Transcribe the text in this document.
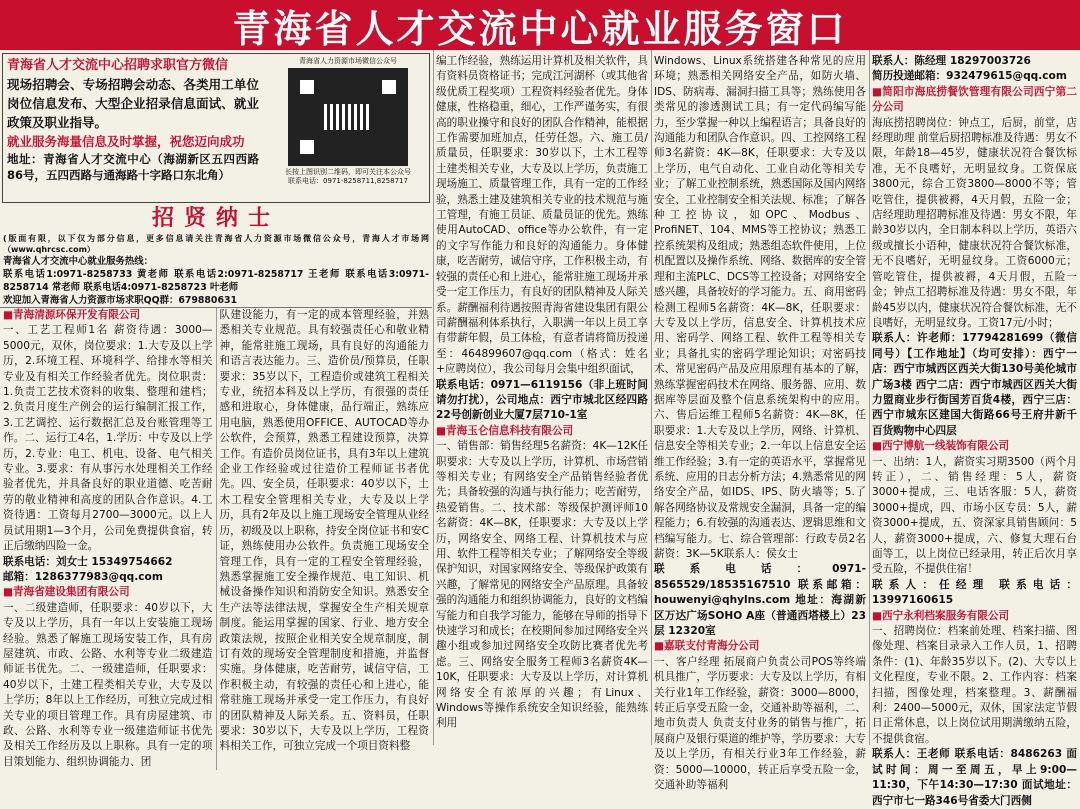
青海省人才交流中心就业服务窗口
青海省人才交流中心招聘求职官方微信
现场招聘会、专场招聘会动态、各类用工单位岗位信息发布、大型企业招录信息面试、就业政策及职业指导。
就业服务海量信息及时掌握，祝您迈向成功
地址：青海省人才交流中心（海湖新区五四西路86号，五四西路与通海路十字路口东北角）
青海省人力资源市场微信公众号
长按上图识别二维码，即可关注本公众号
联系电话：0971-8258711,8258717
招贤纳士
(版面有限，以下仅为部分信息，更多信息请关注青海省人力资源市场微信公众号，青海人才市场网（www.qhrcsc.com）
青海省人才交流中心就业服务热线：
联系电话1:0971-8258733 黄老师 联系电话2:0971-8258717 王老师 联系电话3:0971-8258714 常老师 联系电话4:0971-8258723 叶老师
欢迎加入青海省人力资源市场求职QQ群：679880631

■ 青海清源环保开发有限公司

一、工艺工程师1名 薪资待遇：3000—5000元，双休，岗位要求：1.大专及以上学历，2.环境工程、环境科学、给排水等相关专业及有相关工作经验者优先。岗位职责：1.负责工艺技术资料的收集、整理和建档；2.负责月度生产例会的运行编制汇报工作，3.工艺调控、运行数据汇总及台账管理等工作。二、运行工4名，1.学历：中专及以上学历，2.专业：电工、机电、设备、电气相关专业。3.要求：有从事污水处理相关工作经验者优先，并具备良好的职业道德、吃苦耐劳的敬业精神和高度的团队合作意识。4.工资待遇：工资每月2700—3000元。以上人员试用期1—3个月，公司免费提供食宿，转正后缴纳四险一金。

联系电话：刘女士 15349754662

邮箱：1286377983@qq.com

■ 青海省建设集团有限公司

一、二级建造师，任职要求：40岁以下，大专及以上学历，具有一年以上安装施工现场经验。熟悉了解施工现场安装工作，具有房屋建筑、市政、公路、水利等专业二级建造师证书优先。二、一级建造师，任职要求：40岁以下，土建工程类相关专业，大专及以上学历；8年以上工作经历，可独立完成过相关专业的项目管理工作。具有房屋建筑、市政、公路、水利等专业一级建造师证书优先及相关工作经历及以上职称。具有一定的项目策划能力、组织协调能力、团

队建设能力，有一定的成本管理经验，并熟悉相关专业规范。具有较强责任心和敬业精神，能常驻施工现场，具有良好的沟通能力和语言表达能力。三、造价员/预算员，任职要求：35岁以下，工程造价或建筑工程相关专业，统招本科及以上学历，有很强的责任感和进取心，身体健康，品行端正，熟练应用电脑，熟悉使用OFFICE、AUTOCAD等办公软件，会预算，熟悉工程建设预算，决算工作。有造价员岗位证书，具有3年以上建筑企业工作经验或过往造价工程师证书者优先。四、安全员，任职要求：40岁以下，土木工程安全管理相关专业，大专及以上学历，具有2年及以上施工现场安全管理从业经历，初级及以上职称，持安全岗位证书和安C证，熟练使用办公软件。负责施工现场安全管理工作，具有一定的工程安全管理经验，熟悉掌握施工安全操作规范、电工知识、机械设备操作知识和消防安全知识。熟悉安全生产法等法律法规，掌握安全生产相关规章制度。能运用掌握的国家、行业、地方安全政策法规，按照企业相关安全规章制度，制订有效的现场安全管理制度和措施，并监督实施。身体健康，吃苦耐劳，诚信守信，工作积极主动，有较强的责任心和上进心，能常驻施工现场并承受一定工作压力，有良好的团队精神及人际关系。五、资料员，任职要求：30岁以下，大专及以上学历，工程资料相关工作，可独立完成一个项目资料整

编工作经验，熟练运用计算机及相关软件，具有资料员资格证书；完成江河湖杯（或其他省级优质工程奖项）工程资料经验者优先。身体健康，性格稳重，细心，工作严谨务实，有很高的职业操守和良好的团队合作精神，能根据工作需要加班加点，任劳任怨。六、施工员/质量员，任职要求：30岁以下，土木工程等土建类相关专业，大专及以上学历，负责施工现场施工、质量管理工作，具有一定的工作经验，熟悉土建及建筑相关专业的技术规范与施工管理，有施工员证、质量员证的优先。熟练使用AutoCAD、office等办公软件，有一定的文字写作能力和良好的沟通能力。身体健康，吃苦耐劳，诚信守序，工作积极主动，有较强的责任心和上进心，能常驻施工现场并承受一定工作压力，有良好的团队精神及人际关系。薪酬福利待遇按照青海省建设集团有限公司薪酬福利体系执行，入职满一年以上员工享有带薪年假，员工体检，有意者请将简历投递至：464899607@qq.com（格式：姓名+应聘岗位），我公司每月会集中组织面试，

联系电话：0971—6119156（非上班时间请勿打扰），公司地点：西宁市城北区经四路22号创新创业大厦7层710-1室

■ 青海玉仑信息科技有限公司

一、销售部：销售经理5名薪资：4K—12K任职要求：大专及以上学历，计算机、市场营销等相关专业；有网络安全产品销售经验者优先；具备较强的沟通与执行能力；吃苦耐劳，热爱销售。二、技术部：等级保护测评师10名薪资：4K—8K，任职要求：大专及以上学历，网络安全、网络工程、计算机技术与应用、软件工程等相关专业；了解网络安全等级保护知识，对国家网络安全、等级保护政策有兴趣，了解常见的网络安全产品原理。具备较强的沟通能力和组织协调能力，良好的文档编写能力和自我学习能力，能够在导师的指导下快速学习和成长；在校期间参加过网络安全兴趣小组或参加过网络安全攻防比赛者优先考虑。三、网络安全服务工程师3名薪资4K—10K，任职要求：大专及以上学历，对计算机网络安全有浓厚的兴趣；有Linux、Windows等操作系统安全知识经验，能熟练利用

Windows、Linux系统搭建各种常见的应用环境；熟悉相关网络安全产品，如防火墙、IDS、防病毒、漏洞扫描工具等；熟练使用各类常见的渗透测试工具；有一定代码编写能力，至少掌握一种以上编程语言；具备良好的沟通能力和团队合作意识。四、工控网络工程师3名薪资：4K—8K，任职要求：大专及以上学历，电气自动化、工业自动化等相关专业；了解工业控制系统，熟悉国际及国内网络安全、工业控制安全相关法规、标准；了解各种工控协议，如OPC、Modbus、ProfiNET、104、MMS等工控协议；熟悉工控系统架构及组成；熟悉组态软件使用，上位机配置以及操作系统、网络、数据库的安全管理和主流PLC、DCS等工控设备；对网络安全感兴趣，具备较好的学习能力。五、商用密码检测工程师5名薪资：4K—8K，任职要求：大专及以上学历，信息安全、计算机技术应用、密码学、网络工程、软件工程等相关专业；具备扎实的密码学理论知识；对密码技术、常见密码产品及应用原理有基本的了解，熟练掌握密码技术在网络、服务器、应用、数据库等层面及整个信息系统架构中的应用。六、售后运维工程师5名薪资：4K—8K，任职要求：1.大专及以上学历，网络、计算机、信息安全等相关专业；2.一年以上信息安全运维工作经验；3.有一定的英语水平，掌握常见系统、应用的日志分析方法；4.熟悉常见的网络安全产品，如IDS、IPS、防火墙等；5.了解各网络协议及常规安全漏洞，具备一定的编程能力；6.有较强的沟通表达、逻辑思维和文档编写能力。七、综合管理部：行政专员2名薪资：3K—5K联系人：侯女士

联系电话：0971-8565529/18535167510 联系邮箱：houwenyi@qhylns.com 地址：海湖新区万达广场SOHO A座（普通西塔楼上）23层 12320室

■ 嘉联支付青海分公司

一、客户经理 拓展商户负责公司POS等终端机具推广，学历要求：大专及以上学历，有相关行业1年工作经验，薪资：3000—8000，转正后享受五险一金，交通补助等福利，二、地市负责人 负责支付业务的销售与推广，拓展商户及银行渠道的维护等，学历要求：大专及以上学历，有相关行业3年工作经验，薪资：5000—10000，转正后享受五险一金，交通补助等福利

联系人：陈经理 18297003726

简历投递邮箱：932479615@qq.com

■ 简阳市海底捞餐饮管理有限公司西宁第二分公司

海底捞招聘岗位：钟点工，后厨，前堂，店经理助理 前堂后厨招聘标准及待遇：男女不限，年龄18—45岁，健康状况符合餐饮标准，无不良嗜好，无明显纹身。工资保底3800元，综合工资3800—8000不等；管吃管住，提供被褥，4天月假，五险一金；店经理助理招聘标准及待遇：男女不限，年龄30岁以内，全日制本科以上学历，英语六级或擅长小语种，健康状况符合餐饮标准，无不良嗜好，无明显纹身。工资6000元；管吃管住，提供被褥，4天月假，五险一金；钟点工招聘标准及待遇：男女不限，年龄45岁以内，健康状况符合餐饮标准，无不良嗜好，无明显纹身。工资17元/小时；

联系人：许老师：17794281699（微信同号）【工作地址】（均可安排）：西宁一店：西宁市城西区西关大街130号美伦城市广场3楼 西宁二店：西宁市城西区西关大街力盟商业步行街国芳百货4楼，西宁三店：西宁市城东区建国大街路66号王府井新千百货购物中心四层

■ 西宁博航一线装饰有限公司

一、出纳：1人，薪资实习期3500（两个月转正），二、销售经理：5人，薪资3000+提成，三、电话客服：5人，薪资3000+提成，四、市场小区专员：5人，薪资3000+提成，五、资深家具销售顾问：5人，薪资3000+提成，六、修复大理石台面等工，以上岗位已经录用，转正后次月享受五险，不提供住宿！

联系人：任经理 联系电话：13997160615

■ 西宁永利档案服务有限公司

一、招聘岗位：档案前处理、档案扫描、图像处理、档案目录录入工作人员，1、招聘条件：(1)、年龄35岁以下。(2)、大专以上文化程度，专业不限。2、工作内容：档案扫描，图像处理，档案整理。3、薪酬福利：2400—5000元，双休，国家法定节假日正常休息，以上岗位试用期满缴纳五险，不提供食宿。

联系人：王老师 联系电话：8486263 面试时间：周一至周五，早上9:00—11:30，下午14:30—17:30 面试地址：西宁市七一路346号省委大门西侧
